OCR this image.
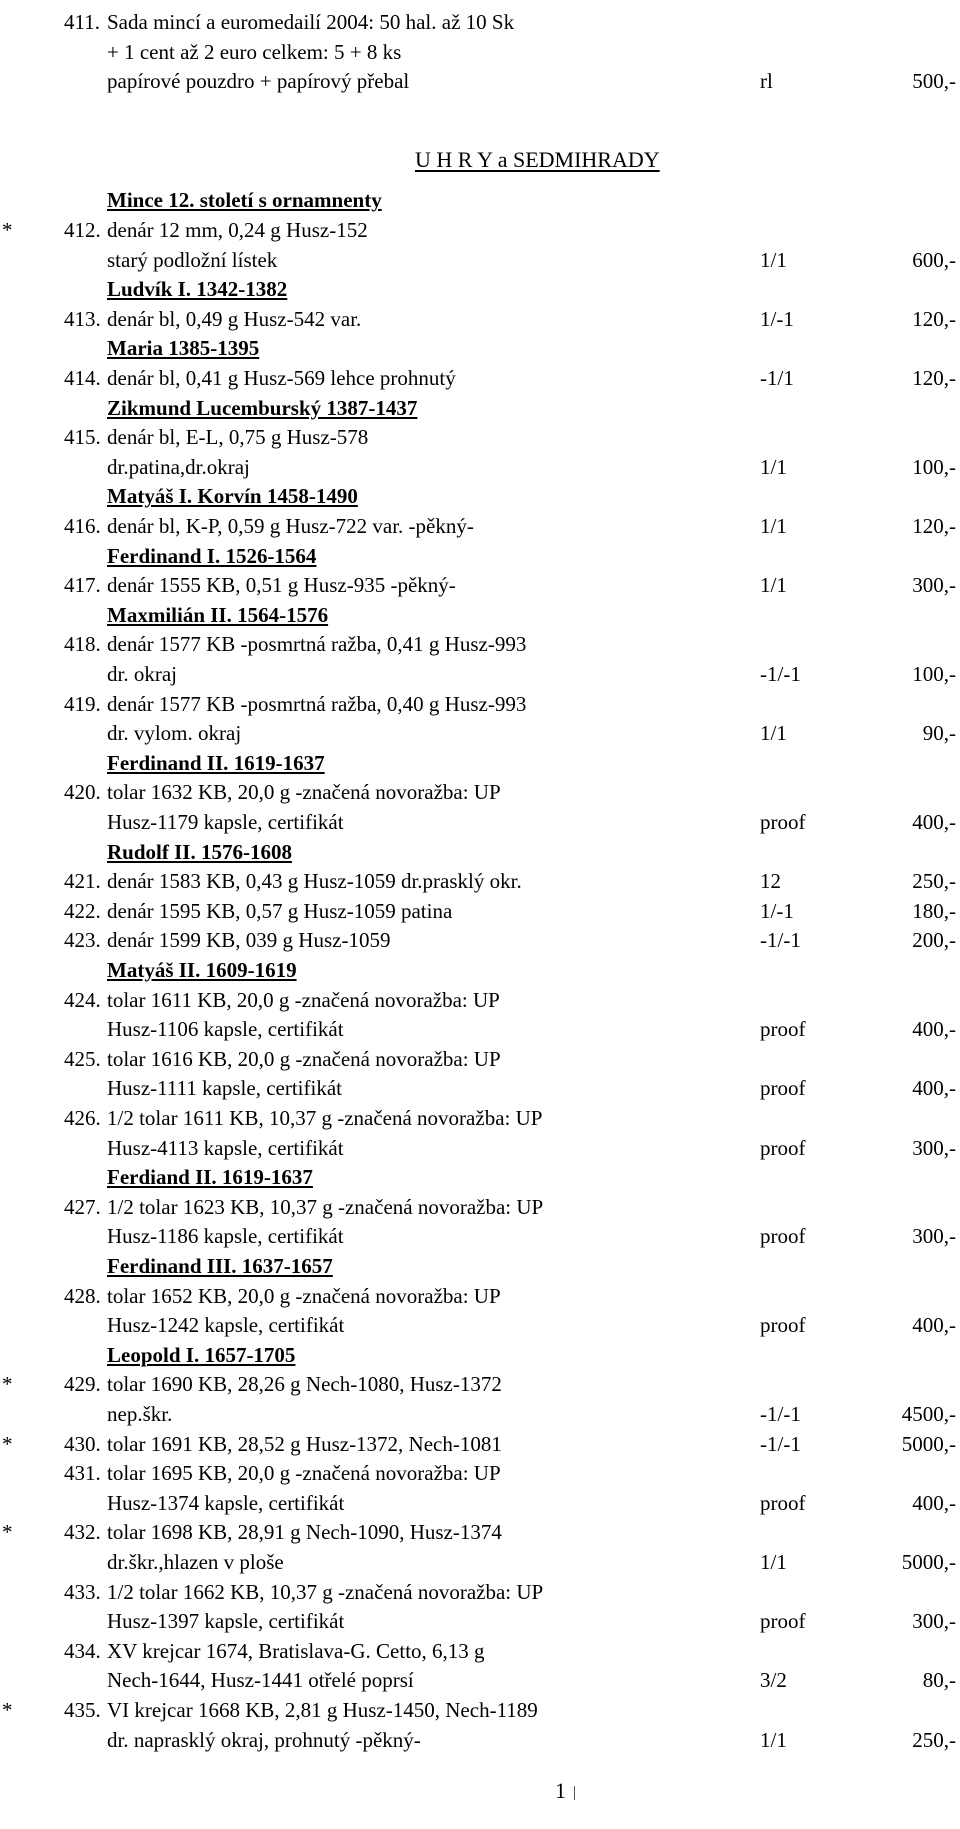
411. Sada mincí a euromedailí 2004: 50 hal. až 10 Sk
+ 1 cent až 2 euro celkem: 5 + 8 ks
papírové pouzdro + papírový přebal	rl	500,-
U H R Y a SEDMIHRADY
Mince 12. století s ornamnenty
* 412. denár 12 mm, 0,24 g Husz-152
starý podložní lístek	1/1	600,-
Ludvík I. 1342-1382
413. denár bl, 0,49 g Husz-542 var.	1/-1	120,-
Maria 1385-1395
414. denár bl, 0,41 g Husz-569 lehce prohnutý	-1/1	120,-
Zikmund Lucemburský 1387-1437
415. denár bl, E-L, 0,75 g Husz-578
dr.patina,dr.okraj	1/1	100,-
Matyáš I. Korvín 1458-1490
416. denár bl, K-P, 0,59 g Husz-722 var. -pěkný-	1/1	120,-
Ferdinand I. 1526-1564
417. denár 1555 KB, 0,51 g Husz-935 -pěkný-	1/1	300,-
Maxmilián II. 1564-1576
418. denár 1577 KB -posmrtná ražba, 0,41 g Husz-993
dr. okraj	-1/-1	100,-
419. denár 1577 KB -posmrtná ražba, 0,40 g Husz-993
dr. vylom. okraj	1/1	90,-
Ferdinand II. 1619-1637
420. tolar 1632 KB, 20,0 g -značená novoražba: UP
Husz-1179 kapsle, certifikát	proof	400,-
Rudolf II. 1576-1608
421. denár 1583 KB, 0,43 g Husz-1059 dr.prasklý okr.	12	250,-
422. denár 1595 KB, 0,57 g Husz-1059 patina	1/-1	180,-
423. denár 1599 KB, 039 g Husz-1059	-1/-1	200,-
Matyáš II. 1609-1619
424. tolar 1611 KB, 20,0 g -značená novoražba: UP
Husz-1106 kapsle, certifikát	proof	400,-
425. tolar 1616 KB, 20,0 g -značená novoražba: UP
Husz-1111 kapsle, certifikát	proof	400,-
426. 1/2 tolar 1611 KB, 10,37 g -značená novoražba: UP
Husz-4113 kapsle, certifikát	proof	300,-
Ferdiand II. 1619-1637
427. 1/2 tolar 1623 KB, 10,37 g -značená novoražba: UP
Husz-1186 kapsle, certifikát	proof	300,-
Ferdinand III. 1637-1657
428. tolar 1652 KB, 20,0 g -značená novoražba: UP
Husz-1242 kapsle, certifikát	proof	400,-
Leopold I. 1657-1705
* 429. tolar 1690 KB, 28,26 g Nech-1080, Husz-1372
nep.škr.	-1/-1	4500,-
* 430. tolar 1691 KB, 28,52 g Husz-1372, Nech-1081	-1/-1	5000,-
431. tolar 1695 KB, 20,0 g -značená novoražba: UP
Husz-1374 kapsle, certifikát	proof	400,-
* 432. tolar 1698 KB, 28,91 g Nech-1090, Husz-1374
dr.škr.,hlazen v ploše	1/1	5000,-
433. 1/2 tolar 1662 KB, 10,37 g -značená novoražba: UP
Husz-1397 kapsle, certifikát	proof	300,-
434. XV krejcar 1674, Bratislava-G. Cetto, 6,13 g
Nech-1644, Husz-1441 otřelé poprsí	3/2	80,-
* 435. VI krejcar 1668 KB, 2,81 g Husz-1450, Nech-1189
dr. naprasklý okraj, prohnutý -pěkný-	1/1	250,-
1
